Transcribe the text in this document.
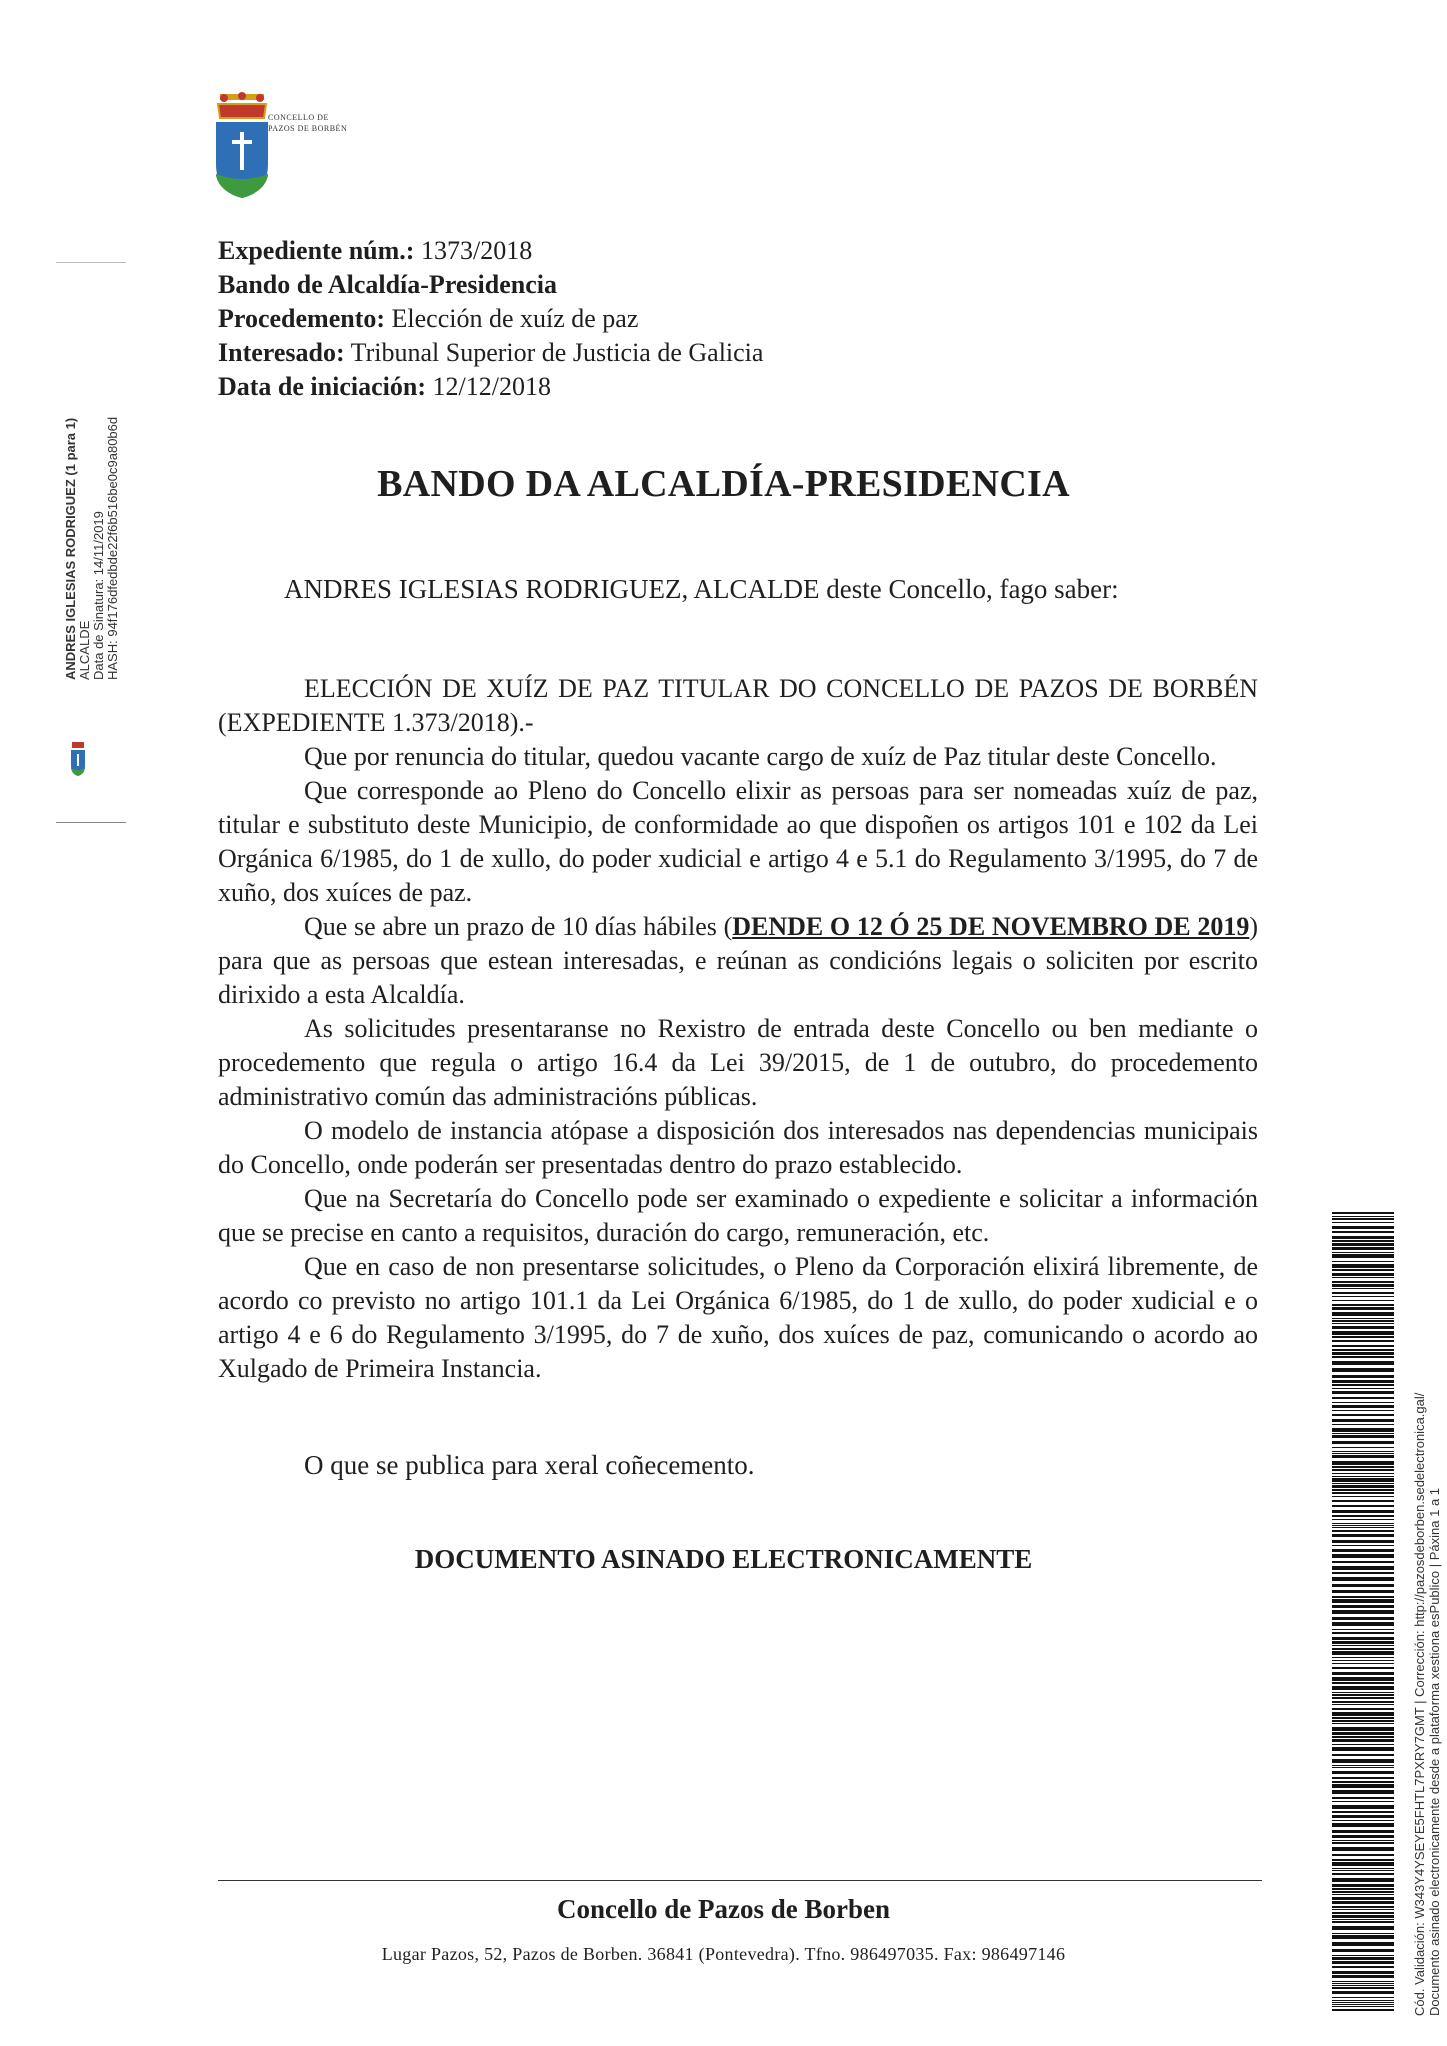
CONCELLO DE
PAZOS DE BORBÉN
ANDRES IGLESIAS RODRIGUEZ (1 para 1) ALCALDE Data de Sinatura: 14/11/2019 HASH: 94f176dfedbde22f6b516be0c9a80b6d
Expediente núm.: 1373/2018
Bando de Alcaldía-Presidencia
Procedemento: Elección de xuíz de paz
Interesado: Tribunal Superior de Justicia de Galicia
Data de iniciación: 12/12/2018
BANDO DA ALCALDÍA-PRESIDENCIA
ANDRES IGLESIAS RODRIGUEZ, ALCALDE deste Concello, fago saber:

ELECCIÓN DE XUÍZ DE PAZ TITULAR DO CONCELLO DE PAZOS DE BORBÉN (EXPEDIENTE 1.373/2018).-

Que por renuncia do titular, quedou vacante cargo de xuíz de Paz titular deste Concello.

Que corresponde ao Pleno do Concello elixir as persoas para ser nomeadas xuíz de paz, titular e substituto deste Municipio, de conformidade ao que dispoñen os artigos 101 e 102 da Lei Orgánica 6/1985, do 1 de xullo, do poder xudicial e artigo 4 e 5.1 do Regulamento 3/1995, do 7 de xuño, dos xuíces de paz.

Que se abre un prazo de 10 días hábiles (DENDE O 12 Ó 25 DE NOVEMBRO DE 2019) para que as persoas que estean interesadas, e reúnan as condicións legais o soliciten por escrito dirixido a esta Alcaldía.

As solicitudes presentaranse no Rexistro de entrada deste Concello ou ben mediante o procedemento que regula o artigo 16.4 da Lei 39/2015, de 1 de outubro, do procedemento administrativo común das administracións públicas.

O modelo de instancia atópase a disposición dos interesados nas dependencias municipais do Concello, onde poderán ser presentadas dentro do prazo establecido.

Que na Secretaría do Concello pode ser examinado o expediente e solicitar a información que se precise en canto a requisitos, duración do cargo, remuneración, etc.

Que en caso de non presentarse solicitudes, o Pleno da Corporación elixirá libremente, de acordo co previsto no artigo 101.1 da Lei Orgánica 6/1985, do 1 de xullo, do poder xudicial e o artigo 4 e 6 do Regulamento 3/1995, do 7 de xuño, dos xuíces de paz, comunicando o acordo ao Xulgado de Primeira Instancia.

O que se publica para xeral coñecemento.
DOCUMENTO ASINADO ELECTRONICAMENTE
Concello de Pazos de Borben
Lugar Pazos, 52, Pazos de Borben. 36841 (Pontevedra). Tfno. 986497035. Fax: 986497146	Cód. Validación: W343Y4YSEYE5FHTL7PXRY7GMT | Corrección: http://pazosdeborben.sedelectronica.gal/ Documento asinado electronicamente desde a plataforma xestiona esPublico | Páxina 1 a 1
